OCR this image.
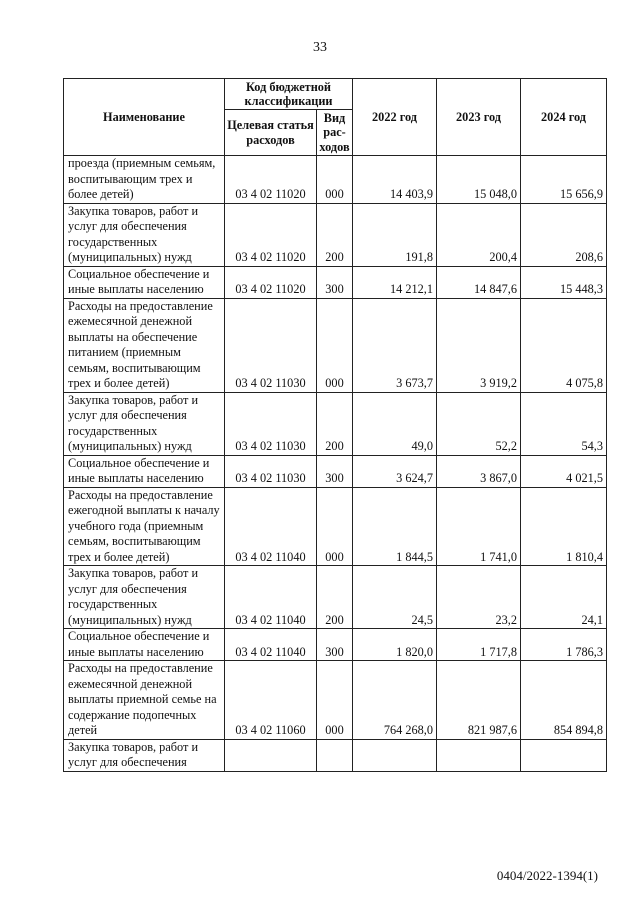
33
Наименование	Код бюджетной классификации		2022 год	2023 год	2024 год
	Целевая статья расходов	Вид рас-ходов			
проезда (приемным семьям, воспитывающим трех и более детей)	03 4 02 11020	000	14 403,9	15 048,0	15 656,9
Закупка товаров, работ и услуг для обеспечения государственных (муниципальных) нужд	03 4 02 11020	200	191,8	200,4	208,6
Социальное обеспечение и иные выплаты населению	03 4 02 11020	300	14 212,1	14 847,6	15 448,3
Расходы на предоставление ежемесячной денежной выплаты на обеспечение питанием (приемным семьям, воспитывающим трех и более детей)	03 4 02 11030	000	3 673,7	3 919,2	4 075,8
Закупка товаров, работ и услуг для обеспечения государственных (муниципальных) нужд	03 4 02 11030	200	49,0	52,2	54,3
Социальное обеспечение и иные выплаты населению	03 4 02 11030	300	3 624,7	3 867,0	4 021,5
Расходы на предоставление ежегодной выплаты к началу учебного года (приемным семьям, воспитывающим трех и более детей)	03 4 02 11040	000	1 844,5	1 741,0	1 810,4
Закупка товаров, работ и услуг для обеспечения государственных (муниципальных) нужд	03 4 02 11040	200	24,5	23,2	24,1
Социальное обеспечение и иные выплаты населению	03 4 02 11040	300	1 820,0	1 717,8	1 786,3
Расходы на предоставление ежемесячной денежной выплаты приемной семье на содержание подопечных детей	03 4 02 11060	000	764 268,0	821 987,6	854 894,8
Закупка товаров, работ и услуг для обеспечения					
0404/2022-1394(1)
